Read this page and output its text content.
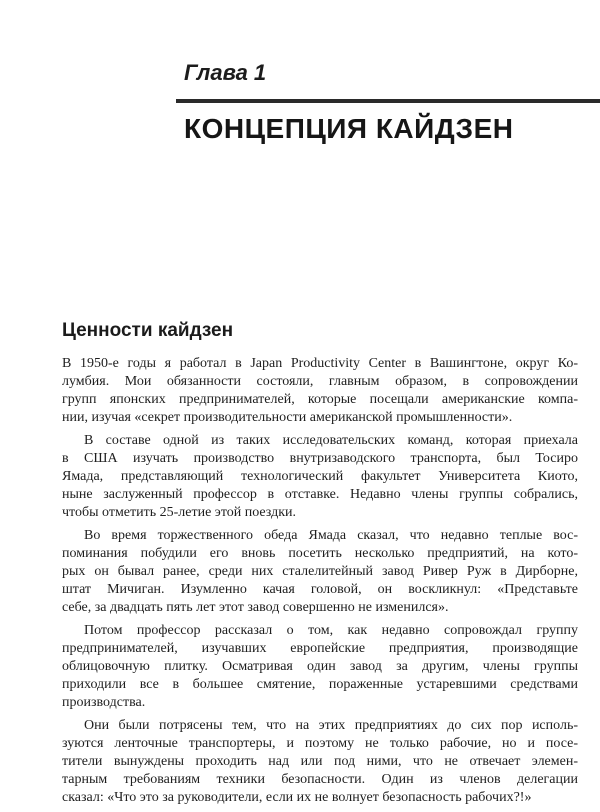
Глава 1
КОНЦЕПЦИЯ КАЙДЗЕН
Ценности кайдзен

В 1950-е годы я работал в Japan Productivity Center в Вашингтоне, округ Ко-
лумбия. Мои обязанности состояли, главным образом, в сопровождении
групп японских предпринимателей, которые посещали американские компа-
нии, изучая «секрет производительности американской промышленности».

В составе одной из таких исследовательских команд, которая приехала
в США изучать производство внутризаводского транспорта, был Тосиро
Ямада, представляющий технологический факультет Университета Киото,
ныне заслуженный профессор в отставке. Недавно члены группы собрались,
чтобы отметить 25-летие этой поездки.

Во время торжественного обеда Ямада сказал, что недавно теплые вос-
поминания побудили его вновь посетить несколько предприятий, на кото-
рых он бывал ранее, среди них сталелитейный завод Ривер Руж в Дирборне,
штат Мичиган. Изумленно качая головой, он воскликнул: «Представьте
себе, за двадцать пять лет этот завод совершенно не изменился».

Потом профессор рассказал о том, как недавно сопровождал группу
предпринимателей, изучавших европейские предприятия, производящие
облицовочную плитку. Осматривая один завод за другим, члены группы
приходили все в большее смятение, пораженные устаревшими средствами
производства.

Они были потрясены тем, что на этих предприятиях до сих пор исполь-
зуются ленточные транспортеры, и поэтому не только рабочие, но и посе-
тители вынуждены проходить над или под ними, что не отвечает элемен-
тарным требованиям техники безопасности. Один из членов делегации
сказал: «Что это за руководители, если их не волнует безопасность рабочих?!»
